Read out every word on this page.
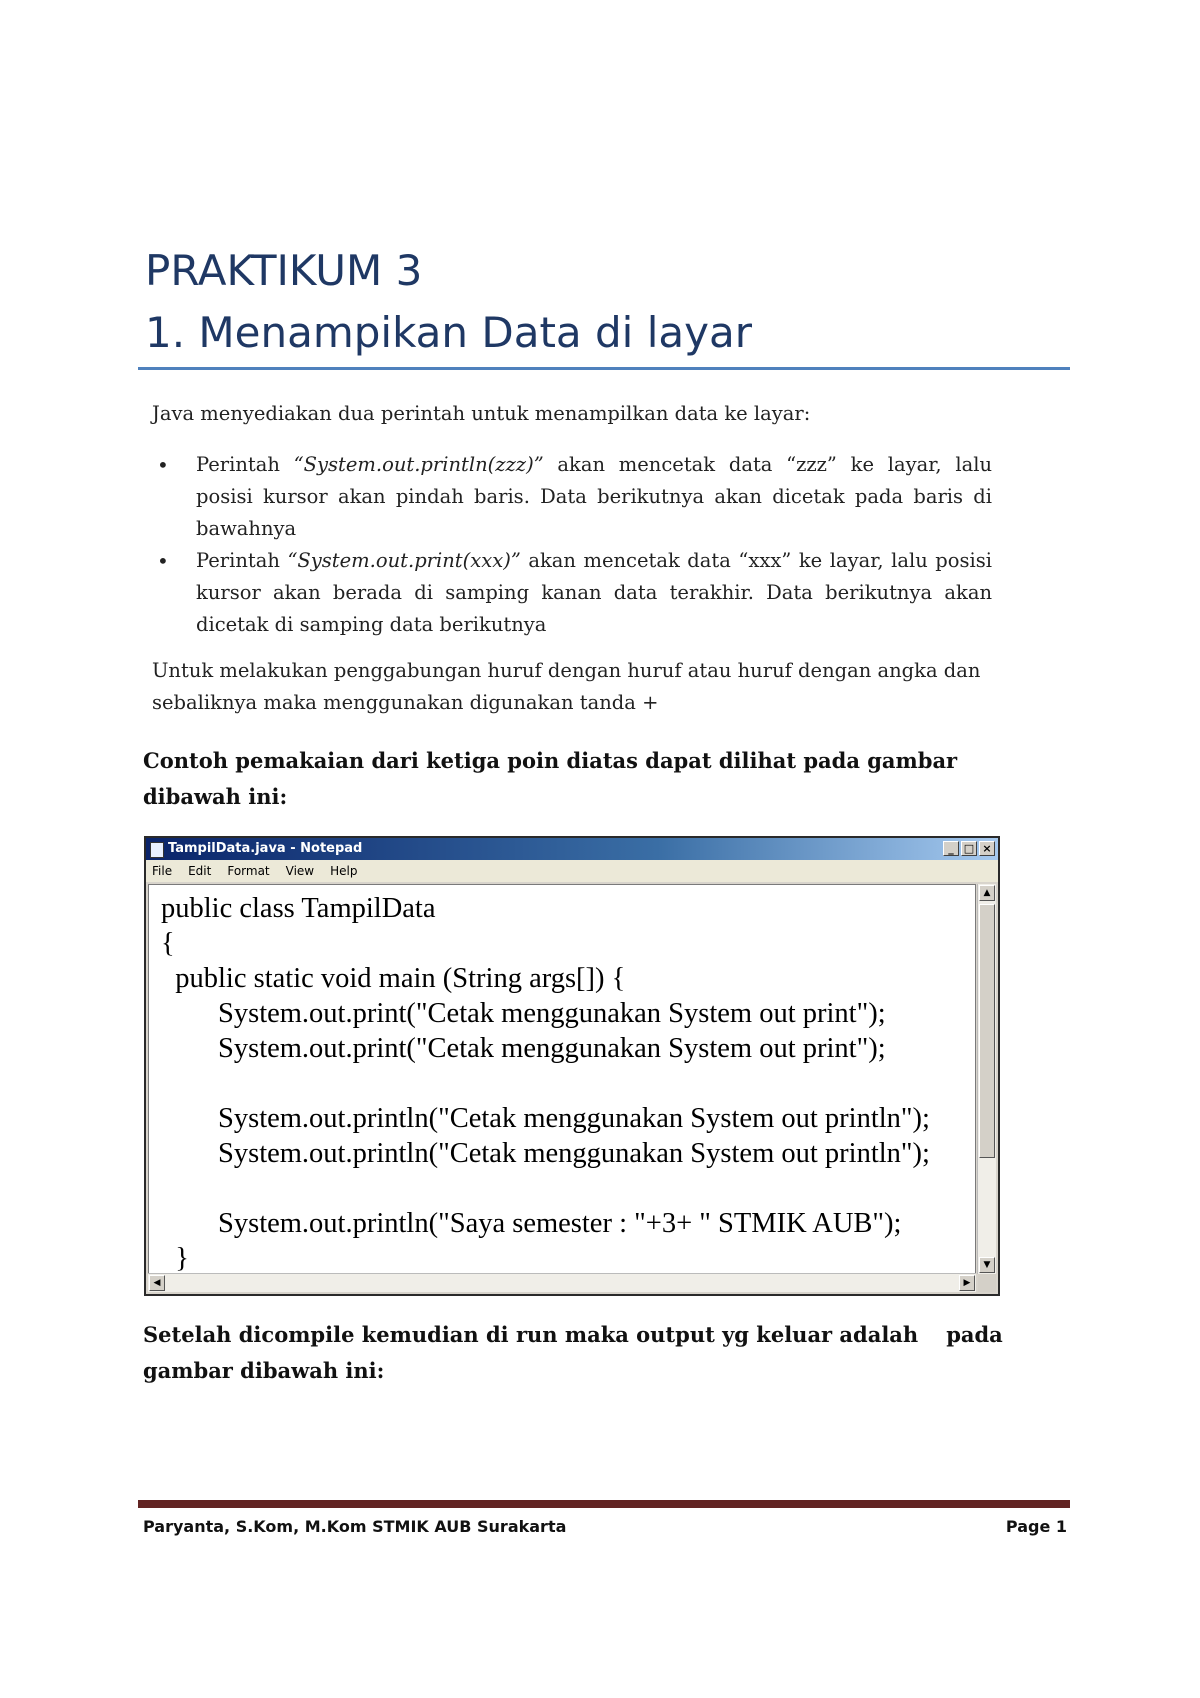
PRAKTIKUM 3
1. Menampikan Data di layar
Java menyediakan dua perintah untuk menampilkan data ke layar:
• Perintah “System.out.println(zzz)” akan mencetak data “zzz” ke layar, lalu posisi kursor akan pindah baris. Data berikutnya akan dicetak pada baris di bawahnya
• Perintah “System.out.print(xxx)” akan mencetak data “xxx” ke layar, lalu posisi kursor akan berada di samping kanan data terakhir. Data berikutnya akan dicetak di samping data berikutnya
Untuk melakukan penggabungan huruf dengan huruf atau huruf dengan angka dan sebaliknya maka menggunakan digunakan tanda +
Contoh pemakaian dari ketiga poin diatas dapat dilihat pada gambar dibawah ini:
TampilData.java - Notepad	_ □ ×
File Edit Format View Help
public class TampilData
{
public static void main (String args[]) {
System.out.print("Cetak menggunakan System out print");
System.out.print("Cetak menggunakan System out print");

System.out.println("Cetak menggunakan System out println");
System.out.println("Cetak menggunakan System out println");

System.out.println("Saya semester : "+3+ " STMIK AUB");
}
▲
▼
◀	▶
Setelah dicompile kemudian di run maka output yg keluar adalah pada gambar dibawah ini:
Paryanta, S.Kom, M.Kom STMIK AUB Surakarta	Page 1
